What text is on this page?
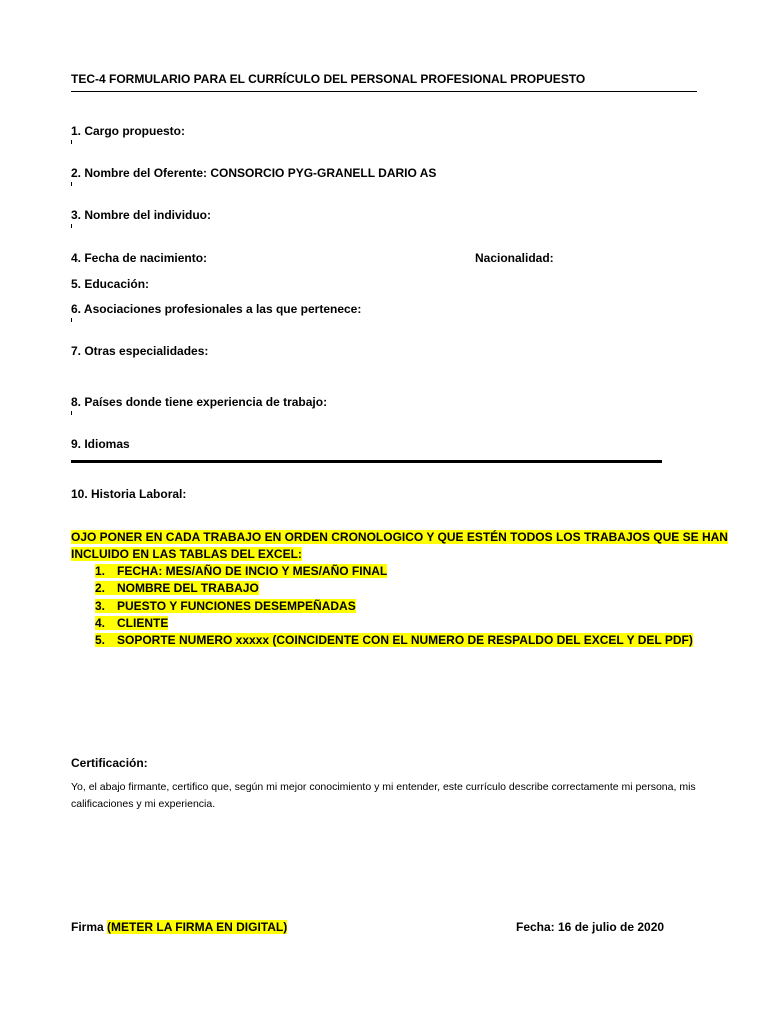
TEC-4 FORMULARIO PARA EL CURRÍCULO DEL PERSONAL PROFESIONAL PROPUESTO
1. Cargo propuesto:
2. Nombre del Oferente: CONSORCIO PYG-GRANELL DARIO AS
3. Nombre del individuo:
4. Fecha de nacimiento:	Nacionalidad:
5. Educación:
6. Asociaciones profesionales a las que pertenece:
7. Otras especialidades:
8. Países donde tiene experiencia de trabajo:
9. Idiomas
10. Historia Laboral:
OJO PONER EN CADA TRABAJO EN ORDEN CRONOLOGICO Y QUE ESTÉN TODOS LOS TRABAJOS QUE SE HAN
INCLUIDO EN LAS TABLAS DEL EXCEL:
1. FECHA: MES/AÑO DE INCIO Y MES/AÑO FINAL
2. NOMBRE DEL TRABAJO
3. PUESTO Y FUNCIONES DESEMPEÑADAS
4. CLIENTE
5. SOPORTE NUMERO xxxxx (COINCIDENTE CON EL NUMERO DE RESPALDO DEL EXCEL Y DEL PDF)
Certificación:
Yo, el abajo firmante, certifico que, según mi mejor conocimiento y mi entender, este currículo describe correctamente mi persona, mis calificaciones y mi experiencia.
Firma (METER LA FIRMA EN DIGITAL)	Fecha: 16 de julio de 2020
